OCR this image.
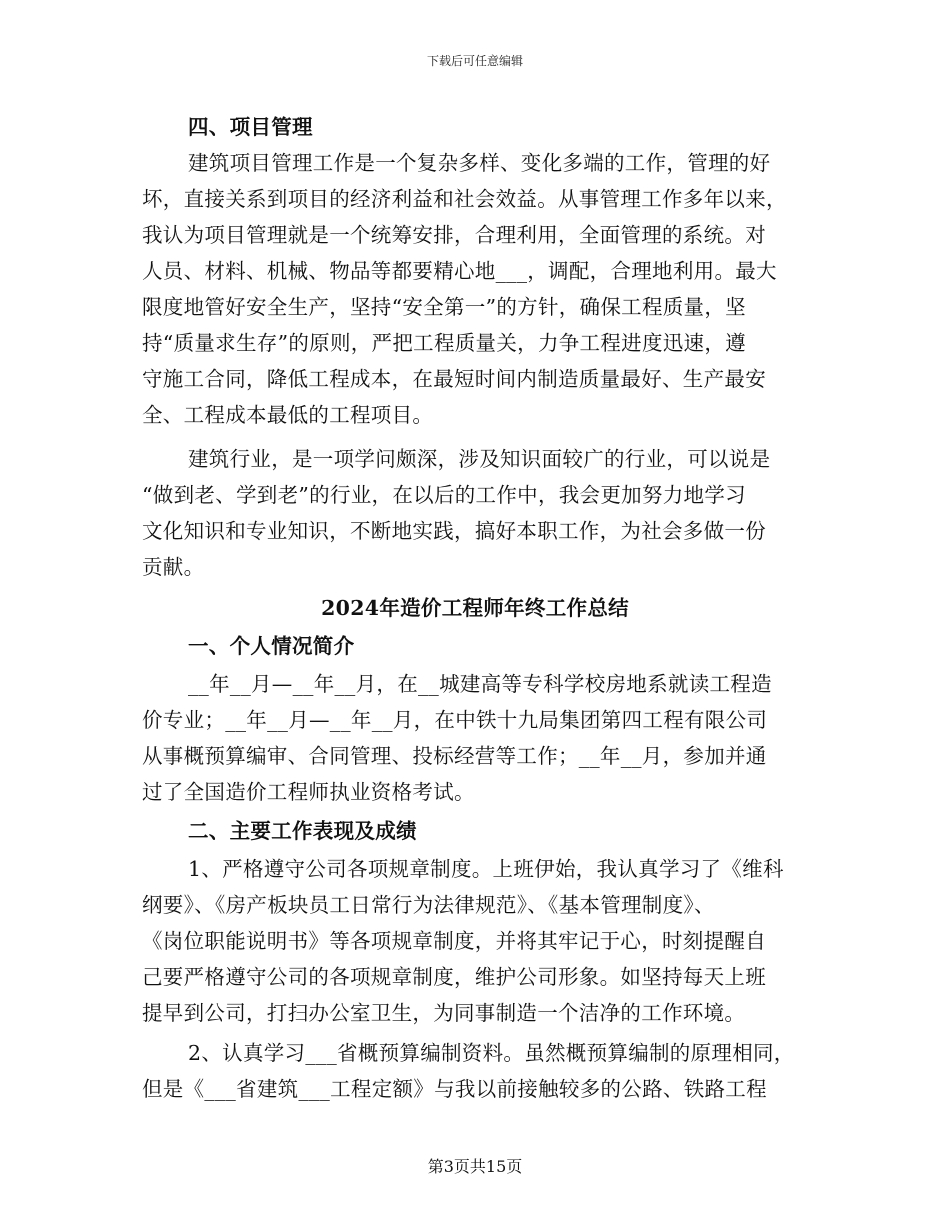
下载后可任意编辑
四、项目管理
建筑项目管理工作是一个复杂多样、变化多端的工作，管理的好
坏，直接关系到项目的经济利益和社会效益。从事管理工作多年以来，
我认为项目管理就是一个统筹安排，合理利用，全面管理的系统。对
人员、材料、机械、物品等都要精心地___，调配，合理地利用。最大
限度地管好安全生产，坚持“安全第一”的方针，确保工程质量，坚
持“质量求生存”的原则，严把工程质量关，力争工程进度迅速，遵
守施工合同，降低工程成本，在最短时间内制造质量最好、生产最安
全、工程成本最低的工程项目。
建筑行业，是一项学问颇深，涉及知识面较广的行业，可以说是
“做到老、学到老”的行业，在以后的工作中，我会更加努力地学习
文化知识和专业知识，不断地实践，搞好本职工作，为社会多做一份
贡献。
2024年造价工程师年终工作总结
一、个人情况简介
__年__月—__年__月，在__城建高等专科学校房地系就读工程造
价专业；__年__月—__年__月，在中铁十九局集团第四工程有限公司
从事概预算编审、合同管理、投标经营等工作；__年__月，参加并通
过了全国造价工程师执业资格考试。
二、主要工作表现及成绩
1、严格遵守公司各项规章制度。上班伊始，我认真学习了《维科
纲要》、《房产板块员工日常行为法律规范》、《基本管理制度》、
《岗位职能说明书》等各项规章制度，并将其牢记于心，时刻提醒自
己要严格遵守公司的各项规章制度，维护公司形象。如坚持每天上班
提早到公司，打扫办公室卫生，为同事制造一个洁净的工作环境。
2、认真学习___省概预算编制资料。虽然概预算编制的原理相同，
但是《___省建筑___工程定额》与我以前接触较多的公路、铁路工程
第3页共15页
